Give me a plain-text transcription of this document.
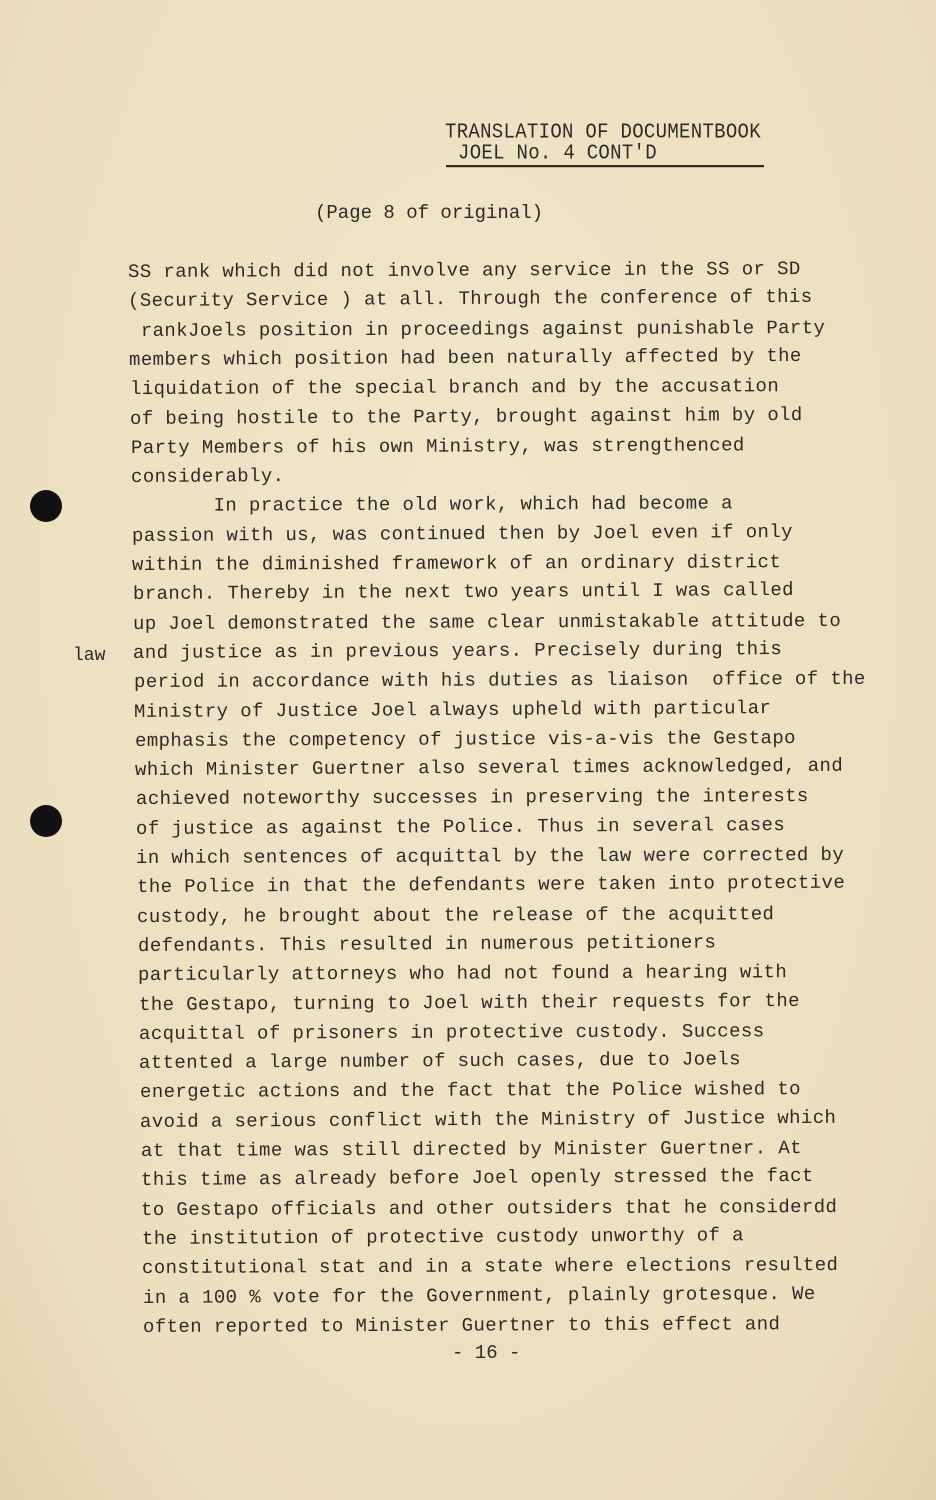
TRANSLATION OF DOCUMENTBOOK
JOEL No. 4 CONT'D
(Page 8 of original)
law
SS rank which did not involve any service in the SS or SD
(Security Service ) at all. Through the conference of this
rankJoels position in proceedings against punishable Party
members which position had been naturally affected by the
liquidation of the special branch and by the accusation
of being hostile to the Party, brought against him by old
Party Members of his own Ministry, was strengthenced
considerably.
In practice the old work, which had become a
passion with us, was continued then by Joel even if only
within the diminished framework of an ordinary district
branch. Thereby in the next two years until I was called
up Joel demonstrated the same clear unmistakable attitude to
and justice as in previous years. Precisely during this
period in accordance with his duties as liaison  office of the
Ministry of Justice Joel always upheld with particular
emphasis the competency of justice vis-a-vis the Gestapo
which Minister Guertner also several times acknowledged, and
achieved noteworthy successes in preserving the interests
of justice as against the Police. Thus in several cases
in which sentences of acquittal by the law were corrected by
the Police in that the defendants were taken into protective
custody, he brought about the release of the acquitted
defendants. This resulted in numerous petitioners
particularly attorneys who had not found a hearing with
the Gestapo, turning to Joel with their requests for the
acquittal of prisoners in protective custody. Success
attented a large number of such cases, due to Joels
energetic actions and the fact that the Police wished to
avoid a serious conflict with the Ministry of Justice which
at that time was still directed by Minister Guertner. At
this time as already before Joel openly stressed the fact
to Gestapo officials and other outsiders that he considerdd
the institution of protective custody unworthy of a
constitutional stat and in a state where elections resulted
in a 100 % vote for the Government, plainly grotesque. We
often reported to Minister Guertner to this effect and
- 16 -
